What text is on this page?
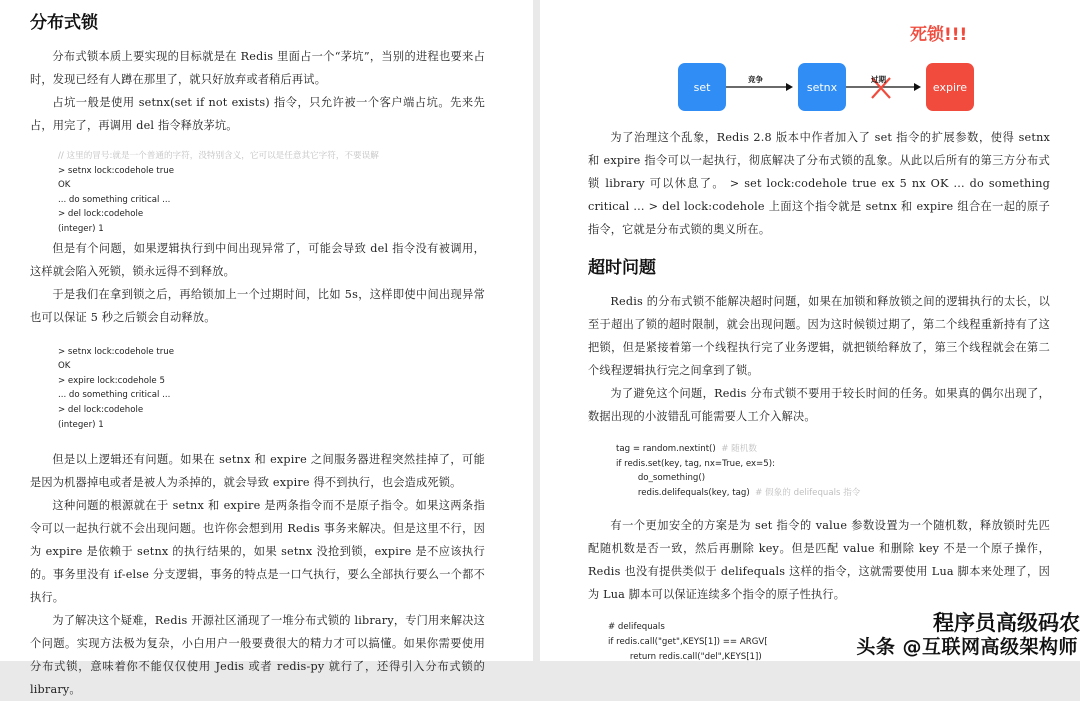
分布式锁

分布式锁本质上要实现的目标就是在 Redis 里面占一个“茅坑”，当别的进程也要来占时，发现已经有人蹲在那里了，就只好放弃或者稍后再试。

占坑一般是使用 setnx(set if not exists) 指令，只允许被一个客户端占坑。先来先占，用完了，再调用 del 指令释放茅坑。

// 这里的冒号:就是一个普通的字符，没特别含义，它可以是任意其它字符，不要误解
> setnx lock:codehole true
OK
... do something critical ...
> del lock:codehole
(integer) 1

但是有个问题，如果逻辑执行到中间出现异常了，可能会导致 del 指令没有被调用，这样就会陷入死锁，锁永远得不到释放。

于是我们在拿到锁之后，再给锁加上一个过期时间，比如 5s，这样即使中间出现异常也可以保证 5 秒之后锁会自动释放。

> setnx lock:codehole true
OK
> expire lock:codehole 5
... do something critical ...
> del lock:codehole
(integer) 1

但是以上逻辑还有问题。如果在 setnx 和 expire 之间服务器进程突然挂掉了，可能是因为机器掉电或者是被人为杀掉的，就会导致 expire 得不到执行，也会造成死锁。

这种问题的根源就在于 setnx 和 expire 是两条指令而不是原子指令。如果这两条指令可以一起执行就不会出现问题。也许你会想到用 Redis 事务来解决。但是这里不行，因为 expire 是依赖于 setnx 的执行结果的，如果 setnx 没抢到锁，expire 是不应该执行的。事务里没有 if-else 分支逻辑，事务的特点是一口气执行，要么全部执行要么一个都不执行。

为了解决这个疑难，Redis 开源社区涌现了一堆分布式锁的 library，专门用来解决这个问题。实现方法极为复杂，小白用户一般要费很大的精力才可以搞懂。如果你需要使用分布式锁，意味着你不能仅仅使用 Jedis 或者 redis-py 就行了，还得引入分布式锁的 library。

死锁!!!
set	setnx	expire
竞争	过期

为了治理这个乱象，Redis 2.8 版本中作者加入了 set 指令的扩展参数，使得 setnx 和 expire 指令可以一起执行，彻底解决了分布式锁的乱象。从此以后所有的第三方分布式锁 library 可以休息了。 > set lock:codehole true ex 5 nx OK ... do something critical ... > del lock:codehole 上面这个指令就是 setnx 和 expire 组合在一起的原子指令，它就是分布式锁的奥义所在。

超时问题

Redis 的分布式锁不能解决超时问题，如果在加锁和释放锁之间的逻辑执行的太长，以至于超出了锁的超时限制，就会出现问题。因为这时候锁过期了，第二个线程重新持有了这把锁，但是紧接着第一个线程执行完了业务逻辑，就把锁给释放了，第三个线程就会在第二个线程逻辑执行完之间拿到了锁。

为了避免这个问题，Redis 分布式锁不要用于较长时间的任务。如果真的偶尔出现了，数据出现的小波错乱可能需要人工介入解决。

tag = random.nextint()  # 随机数
if redis.set(key, tag, nx=True, ex=5):
do_something()
redis.delifequals(key, tag)  # 假象的 delifequals 指令

有一个更加安全的方案是为 set 指令的 value 参数设置为一个随机数，释放锁时先匹配随机数是否一致，然后再删除 key。但是匹配 value 和删除 key 不是一个原子操作，Redis 也没有提供类似于 delifequals 这样的指令，这就需要使用 Lua 脚本来处理了，因为 Lua 脚本可以保证连续多个指令的原子性执行。

# delifequals
if redis.call("get",KEYS[1]) == ARGV[
return redis.call("del",KEYS[1])
程序员高级码农
头条 @互联网高级架构师
